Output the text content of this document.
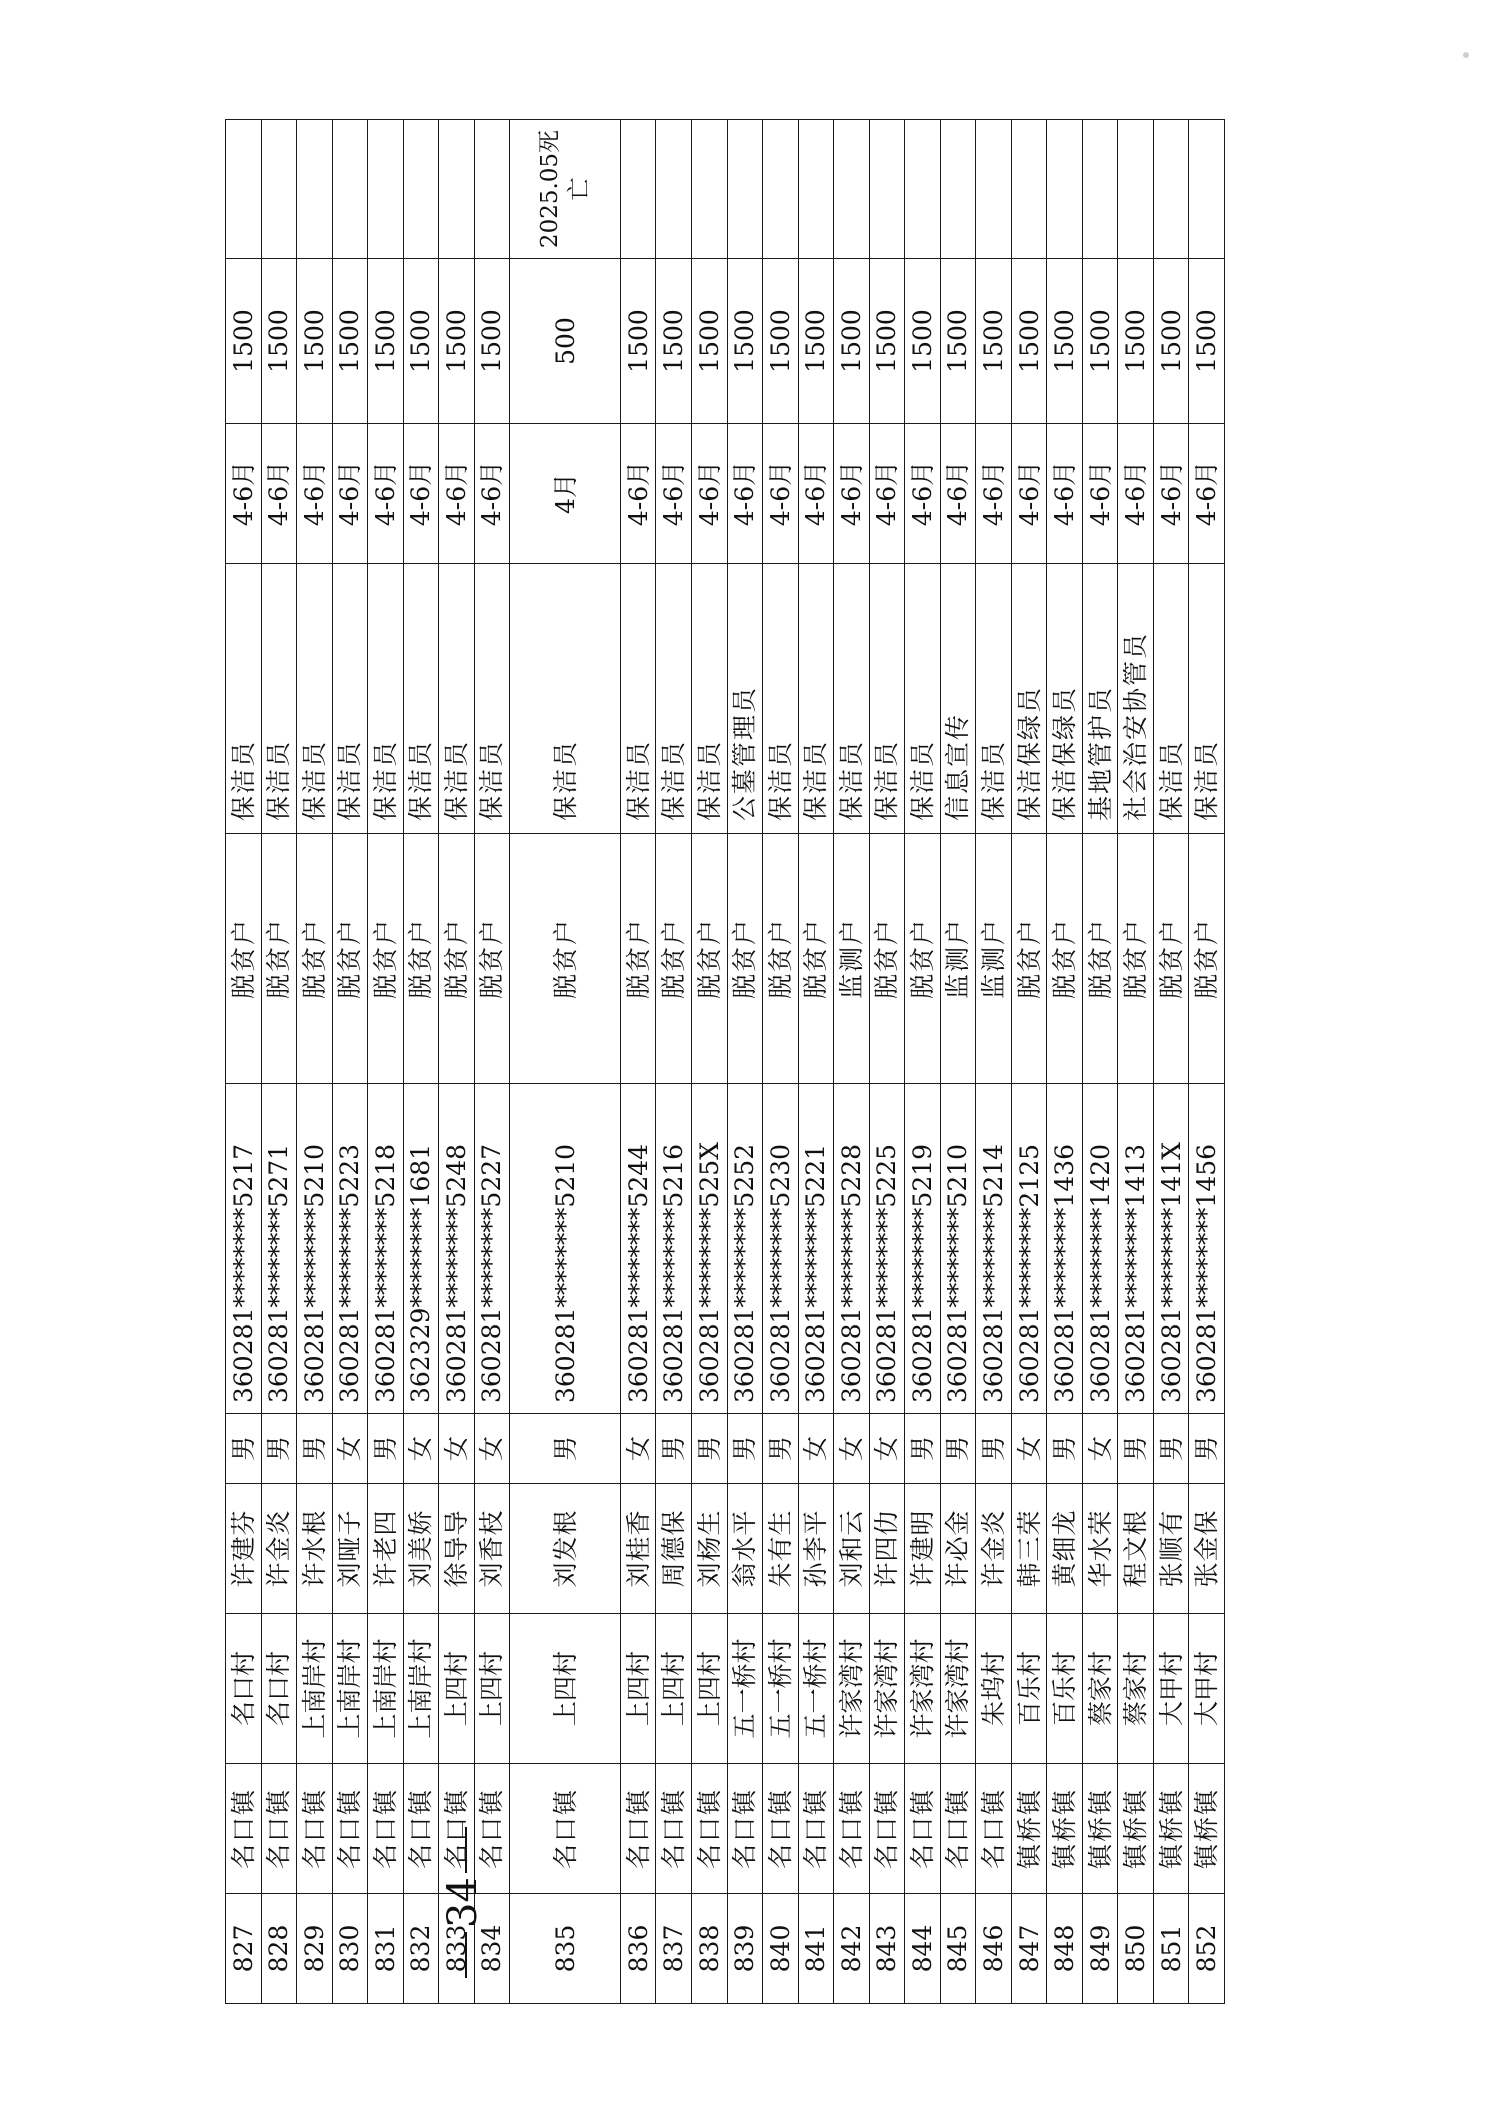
827	名口镇	名口村	许建芬	男	360281********5217	脱贫户	保洁员	4-6月	1500	
828	名口镇	名口村	许金炎	男	360281********5271	脱贫户	保洁员	4-6月	1500	
829	名口镇	上南岸村	许水根	男	360281********5210	脱贫户	保洁员	4-6月	1500	
830	名口镇	上南岸村	刘哑子	女	360281********5223	脱贫户	保洁员	4-6月	1500	
831	名口镇	上南岸村	许老四	男	360281********5218	脱贫户	保洁员	4-6月	1500	
832	名口镇	上南岸村	刘美娇	女	362329********1681	脱贫户	保洁员	4-6月	1500	
833	名口镇	上四村	徐导导	女	360281********5248	脱贫户	保洁员	4-6月	1500	
834	名口镇	上四村	刘香枝	女	360281********5227	脱贫户	保洁员	4-6月	1500	
835	名口镇	上四村	刘发根	男	360281********5210	脱贫户	保洁员	4月	500	2025.05死亡
836	名口镇	上四村	刘桂香	女	360281********5244	脱贫户	保洁员	4-6月	1500	
837	名口镇	上四村	周德保	男	360281********5216	脱贫户	保洁员	4-6月	1500	
838	名口镇	上四村	刘杨生	男	360281********525X	脱贫户	保洁员	4-6月	1500	
839	名口镇	五一桥村	翁水平	男	360281********5252	脱贫户	公墓管理员	4-6月	1500	
840	名口镇	五一桥村	朱有生	男	360281********5230	脱贫户	保洁员	4-6月	1500	
841	名口镇	五一桥村	孙李平	女	360281********5221	脱贫户	保洁员	4-6月	1500	
842	名口镇	许家湾村	刘和云	女	360281********5228	监测户	保洁员	4-6月	1500	
843	名口镇	许家湾村	许四仂	女	360281********5225	脱贫户	保洁员	4-6月	1500	
844	名口镇	许家湾村	许建明	男	360281********5219	脱贫户	保洁员	4-6月	1500	
845	名口镇	许家湾村	许必金	男	360281********5210	监测户	信息宣传	4-6月	1500	
846	名口镇	朱坞村	许金炎	男	360281********5214	监测户	保洁员	4-6月	1500	
847	镇桥镇	百乐村	韩三荣	女	360281********2125	脱贫户	保洁保绿员	4-6月	1500	
848	镇桥镇	百乐村	黄细龙	男	360281********1436	脱贫户	保洁保绿员	4-6月	1500	
849	镇桥镇	蔡家村	华水荣	女	360281********1420	脱贫户	基地管护员	4-6月	1500	
850	镇桥镇	蔡家村	程文根	男	360281********1413	脱贫户	社会治安协管员	4-6月	1500	
851	镇桥镇	大甲村	张顺有	男	360281********141X	脱贫户	保洁员	4-6月	1500	
852	镇桥镇	大甲村	张金保	男	360281********1456	脱贫户	保洁员	4-6月	1500	
34
